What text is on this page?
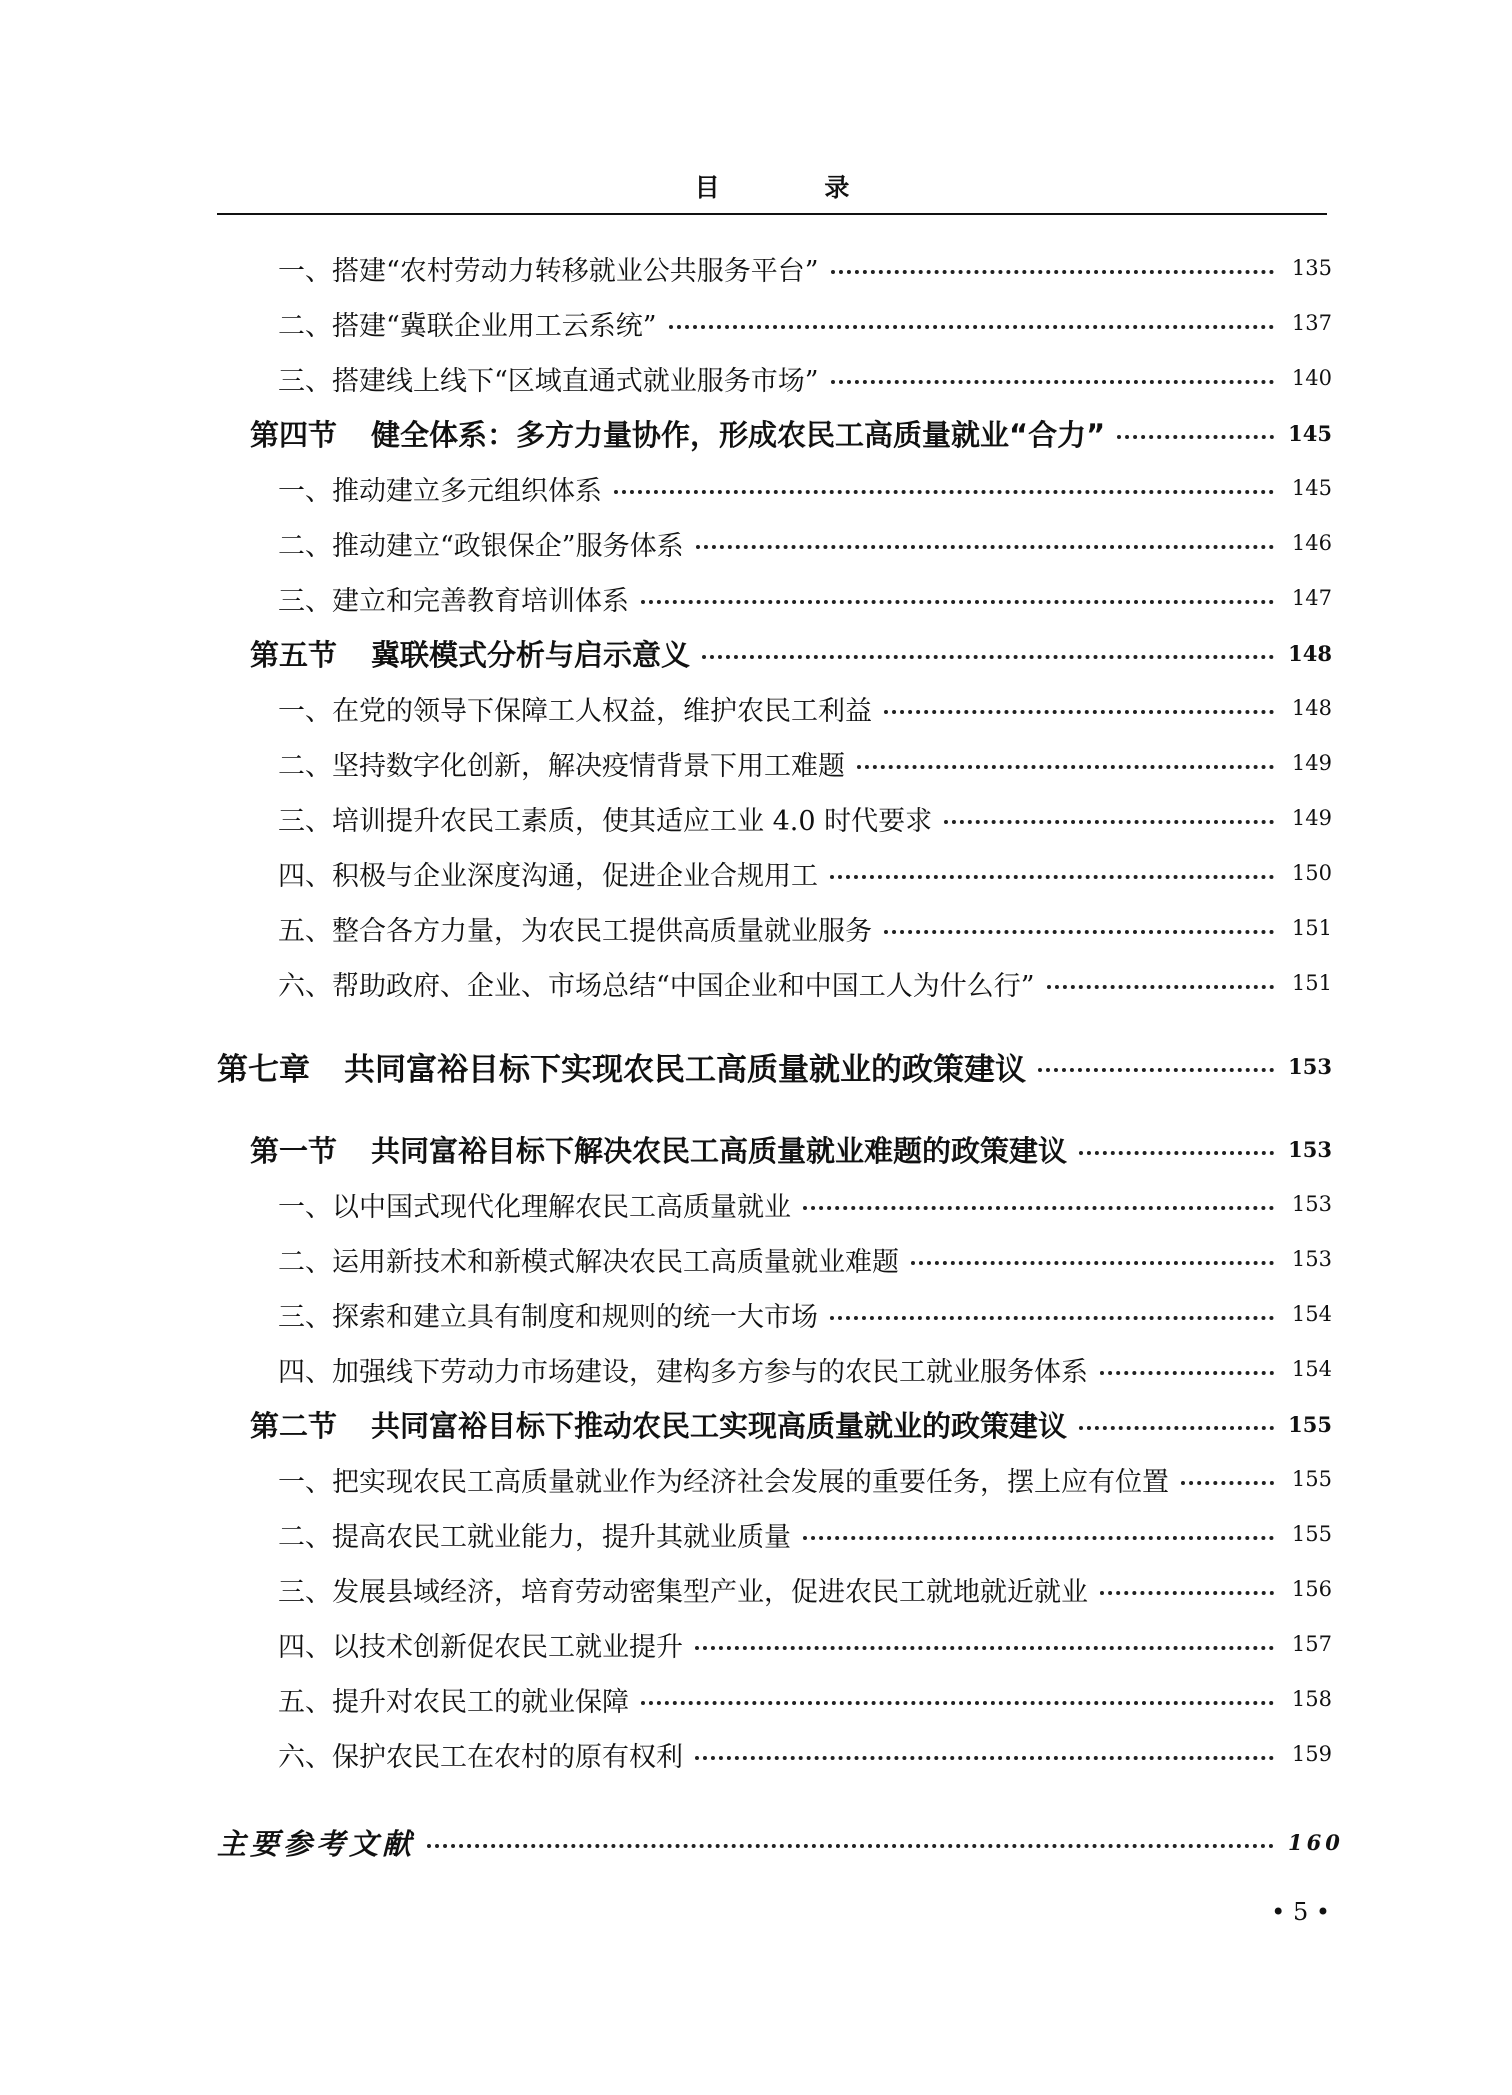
目 录
一、搭建“农村劳动力转移就业公共服务平台”	135
二、搭建“冀联企业用工云系统”	137
三、搭建线上线下“区域直通式就业服务市场”	140
第四节 健全体系：多方力量协作，形成农民工高质量就业“合力”	145
一、推动建立多元组织体系	145
二、推动建立“政银保企”服务体系	146
三、建立和完善教育培训体系	147
第五节 冀联模式分析与启示意义	148
一、在党的领导下保障工人权益，维护农民工利益	148
二、坚持数字化创新，解决疫情背景下用工难题	149
三、培训提升农民工素质，使其适应工业 4.0 时代要求	149
四、积极与企业深度沟通，促进企业合规用工	150
五、整合各方力量，为农民工提供高质量就业服务	151
六、帮助政府、企业、市场总结“中国企业和中国工人为什么行”	151
第七章 共同富裕目标下实现农民工高质量就业的政策建议	153
第一节 共同富裕目标下解决农民工高质量就业难题的政策建议	153
一、以中国式现代化理解农民工高质量就业	153
二、运用新技术和新模式解决农民工高质量就业难题	153
三、探索和建立具有制度和规则的统一大市场	154
四、加强线下劳动力市场建设，建构多方参与的农民工就业服务体系	154
第二节 共同富裕目标下推动农民工实现高质量就业的政策建议	155
一、把实现农民工高质量就业作为经济社会发展的重要任务，摆上应有位置	155
二、提高农民工就业能力，提升其就业质量	155
三、发展县域经济，培育劳动密集型产业，促进农民工就地就近就业	156
四、以技术创新促农民工就业提升	157
五、提升对农民工的就业保障	158
六、保护农民工在农村的原有权利	159
主要参考文献	160
• 5 •
